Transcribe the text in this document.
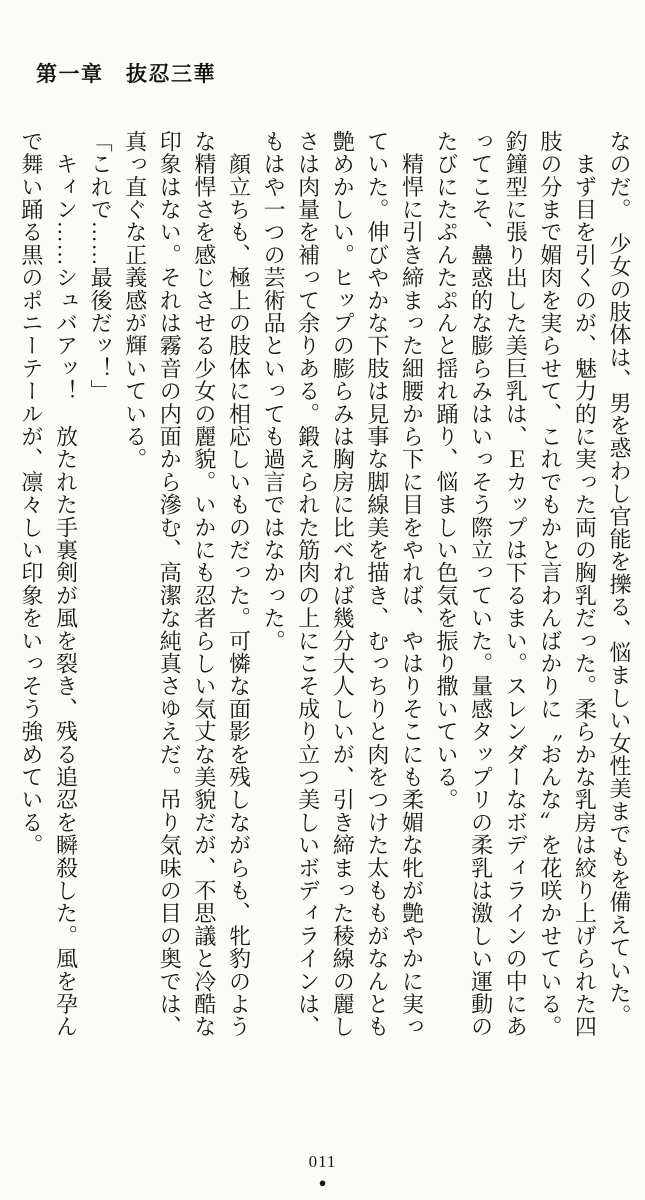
第一章　抜忍三華
なのだ。　少女の肢体は、男を惑わし官能を擽る、悩ましい女性美までもを備えていた。
　まず目を引くのが、魅力的に実った両の胸乳だった。柔らかな乳房は絞り上げられた四
肢の分まで媚肉を実らせて、これでもかと言わんばかりに〝おんな〟を花咲かせている。
釣鐘型に張り出した美巨乳は、Ｅカップは下るまい。スレンダーなボディラインの中にあ
ってこそ、蠱惑的な膨らみはいっそう際立っていた。量感タップリの柔乳は激しい運動の
たびにたぷんたぷんと揺れ踊り、悩ましい色気を振り撒いている。
　精悍に引き締まった細腰から下に目をやれば、やはりそこにも柔媚な牝が艶やかに実っ
ていた。伸びやかな下肢は見事な脚線美を描き、むっちりと肉をつけた太ももがなんとも
艶めかしい。ヒップの膨らみは胸房に比べれば幾分大人しいが、引き締まった稜線の麗し
さは肉量を補って余りある。鍛えられた筋肉の上にこそ成り立つ美しいボディラインは、
もはや一つの芸術品といっても過言ではなかった。
　顔立ちも、極上の肢体に相応しいものだった。可憐な面影を残しながらも、牝豹のよう
な精悍さを感じさせる少女の麗貌。いかにも忍者らしい気丈な美貌だが、不思議と冷酷な
印象はない。それは霧音の内面から滲む、高潔な純真さゆえだ。吊り気味の目の奥では、
真っ直ぐな正義感が輝いている。
「これで……最後だッ！」
　キィン……シュバアッ！　放たれた手裏剣が風を裂き、残る追忍を瞬殺した。風を孕ん
で舞い踊る黒のポニーテールが、凛々しい印象をいっそう強めている。
011
●
